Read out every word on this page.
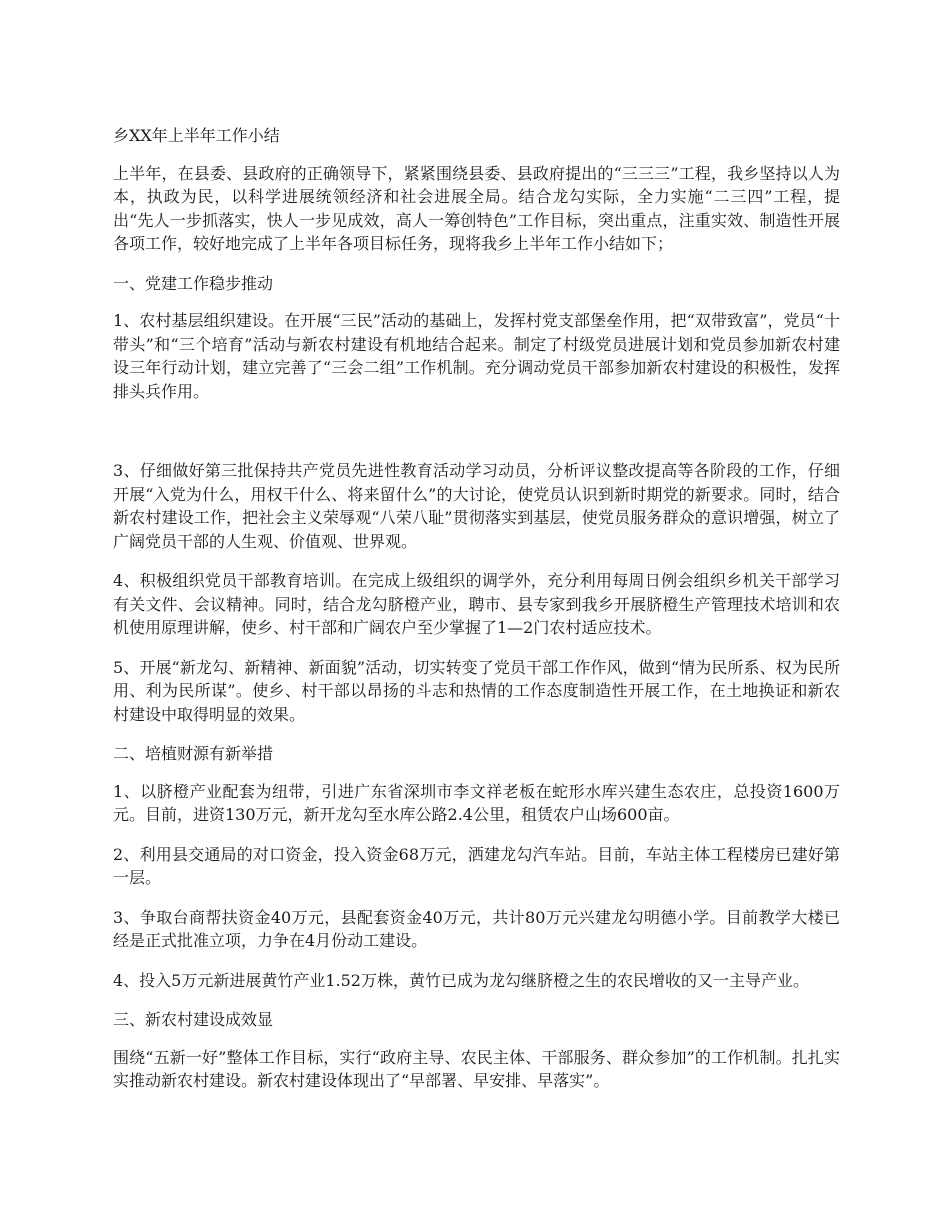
乡XX年上半年工作小结

上半年，在县委、县政府的正确领导下，紧紧围绕县委、县政府提出的“三三三”工程，我乡坚持以人为本，执政为民，以科学进展统领经济和社会进展全局。结合龙勾实际，全力实施“二三四”工程，提出“先人一步抓落实，快人一步见成效，高人一筹创特色”工作目标，突出重点，注重实效、制造性开展各项工作，较好地完成了上半年各项目标任务，现将我乡上半年工作小结如下；

一、党建工作稳步推动

1、农村基层组织建设。在开展“三民”活动的基础上，发挥村党支部堡垒作用，把“双带致富”，党员“十带头”和“三个培育”活动与新农村建设有机地结合起来。制定了村级党员进展计划和党员参加新农村建设三年行动计划，建立完善了“三会二组”工作机制。充分调动党员干部参加新农村建设的积极性，发挥排头兵作用。

3、仔细做好第三批保持共产党员先进性教育活动学习动员，分析评议整改提高等各阶段的工作，仔细开展“入党为什么，用权干什么、将来留什么”的大讨论，使党员认识到新时期党的新要求。同时，结合新农村建设工作，把社会主义荣辱观“八荣八耻”贯彻落实到基层，使党员服务群众的意识增强，树立了广阔党员干部的人生观、价值观、世界观。

4、积极组织党员干部教育培训。在完成上级组织的调学外，充分利用每周日例会组织乡机关干部学习有关文件、会议精神。同时，结合龙勾脐橙产业，聘市、县专家到我乡开展脐橙生产管理技术培训和农机使用原理讲解，使乡、村干部和广阔农户至少掌握了1—2门农村适应技术。

5、开展“新龙勾、新精神、新面貌”活动，切实转变了党员干部工作作风，做到“情为民所系、权为民所用、利为民所谋”。使乡、村干部以昂扬的斗志和热情的工作态度制造性开展工作，在土地换证和新农村建设中取得明显的效果。

二、培植财源有新举措

1、以脐橙产业配套为纽带，引进广东省深圳市李文祥老板在蛇形水库兴建生态农庄，总投资1600万元。目前，进资130万元，新开龙勾至水库公路2.4公里，租赁农户山场600亩。

2、利用县交通局的对口资金，投入资金68万元，洒建龙勾汽车站。目前，车站主体工程楼房已建好第一层。

3、争取台商帮扶资金40万元，县配套资金40万元，共计80万元兴建龙勾明德小学。目前教学大楼已经是正式批准立项，力争在4月份动工建设。

4、投入5万元新进展黄竹产业1.52万株，黄竹已成为龙勾继脐橙之生的农民增收的又一主导产业。

三、新农村建设成效显

围绕“五新一好”整体工作目标，实行“政府主导、农民主体、干部服务、群众参加”的工作机制。扎扎实实推动新农村建设。新农村建设体现出了“早部署、早安排、早落实”。
